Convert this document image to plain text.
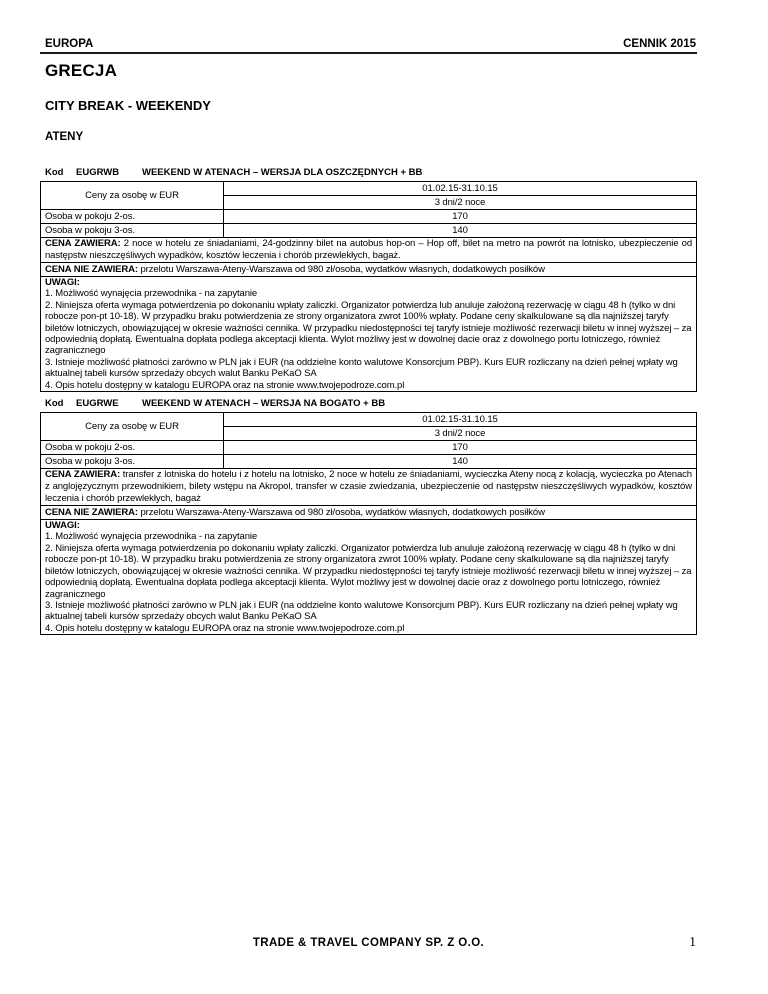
EUROPA	CENNIK 2015
GRECJA
CITY BREAK - WEEKENDY
ATENY
Kod	EUGRWB	WEEKEND W ATENACH – WERSJA DLA OSZCZĘDNYCH + BB
Ceny za osobę w EUR	01.02.15-31.10.15
	3 dni/2 noce
Osoba w pokoju 2-os.	170
Osoba w pokoju 3-os.	140
CENA ZAWIERA: 2 noce w hotelu ze śniadaniami, 24-godzinny bilet na autobus hop-on – Hop off, bilet na metro na powrót na lotnisko, ubezpieczenie od następstw nieszczęśliwych wypadków, kosztów leczenia i chorób przewlekłych, bagaż.	
CENA NIE ZAWIERA: przelotu Warszawa-Ateny-Warszawa od 980 zł/osoba, wydatków własnych, dodatkowych posiłków	

UWAGI:
1. Możliwość wynajęcia przewodnika - na zapytanie
2. Niniejsza oferta wymaga potwierdzenia po dokonaniu wpłaty zaliczki. Organizator potwierdza lub anuluje założoną rezerwację w ciągu 48 h (tylko w dni robocze pon-pt 10-18). W przypadku braku potwierdzenia ze strony organizatora zwrot 100% wpłaty. Podane ceny skalkulowane są dla najniższej taryfy biletów lotniczych, obowiązującej w okresie ważności cennika. W przypadku niedostępności tej taryfy istnieje możliwość rezerwacji biletu w innej wyższej – za odpowiednią dopłatą. Ewentualna dopłata podlega akceptacji klienta. Wylot możliwy jest w dowolnej dacie oraz z dowolnego portu lotniczego, również zagranicznego
3. Istnieje możliwość płatności zarówno w PLN jak i EUR (na oddzielne konto walutowe Konsorcjum PBP). Kurs EUR rozliczany na dzień pełnej wpłaty wg aktualnej tabeli kursów sprzedaży obcych walut Banku PeKaO SA
4. Opis hotelu dostępny w katalogu EUROPA oraz na stronie www.twojepodroze.com.pl	
Kod	EUGRWE	WEEKEND W ATENACH – WERSJA NA BOGATO + BB
Ceny za osobę w EUR	01.02.15-31.10.15
	3 dni/2 noce
Osoba w pokoju 2-os.	170
Osoba w pokoju 3-os.	140
CENA ZAWIERA: transfer z lotniska do hotelu i z hotelu na lotnisko, 2 noce w hotelu ze śniadaniami, wycieczka Ateny nocą z kolacją, wycieczka po Atenach z anglojęzycznym przewodnikiem, bilety wstępu na Akropol, transfer w czasie zwiedzania, ubezpieczenie od następstw nieszczęśliwych wypadków, kosztów leczenia i chorób przewlekłych, bagaż	
CENA NIE ZAWIERA: przelotu Warszawa-Ateny-Warszawa od 980 zł/osoba, wydatków własnych, dodatkowych posiłków	

UWAGI:
1. Możliwość wynajęcia przewodnika - na zapytanie
2. Niniejsza oferta wymaga potwierdzenia po dokonaniu wpłaty zaliczki. Organizator potwierdza lub anuluje założoną rezerwację w ciągu 48 h (tylko w dni robocze pon-pt 10-18). W przypadku braku potwierdzenia ze strony organizatora zwrot 100% wpłaty. Podane ceny skalkulowane są dla najniższej taryfy biletów lotniczych, obowiązującej w okresie ważności cennika. W przypadku niedostępności tej taryfy istnieje możliwość rezerwacji biletu w innej wyższej – za odpowiednią dopłatą. Ewentualna dopłata podlega akceptacji klienta. Wylot możliwy jest w dowolnej dacie oraz z dowolnego portu lotniczego, również zagranicznego
3. Istnieje możliwość płatności zarówno w PLN jak i EUR (na oddzielne konto walutowe Konsorcjum PBP). Kurs EUR rozliczany na dzień pełnej wpłaty wg aktualnej tabeli kursów sprzedaży obcych walut Banku PeKaO SA
4. Opis hotelu dostępny w katalogu EUROPA oraz na stronie www.twojepodroze.com.pl	
TRADE & TRAVEL COMPANY SP. Z O.O.	1
